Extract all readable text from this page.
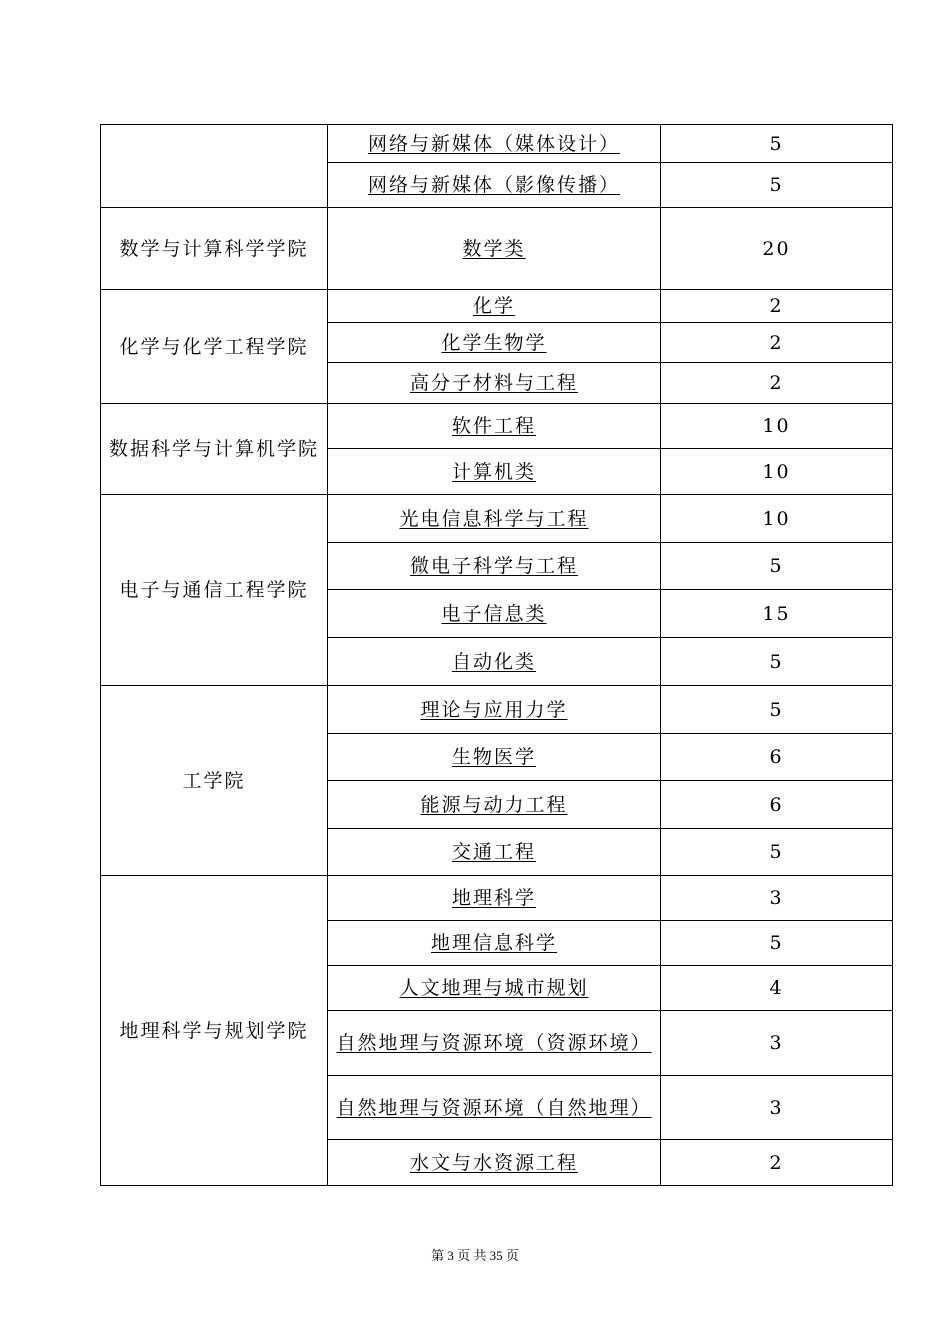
	网络与新媒体（媒体设计）	5
	网络与新媒体（影像传播）	5
数学与计算科学学院	数学类	20
化学与化学工程学院	化学	2
	化学生物学	2
	高分子材料与工程	2
数据科学与计算机学院	软件工程	10
	计算机类	10
电子与通信工程学院	光电信息科学与工程	10
	微电子科学与工程	5
	电子信息类	15
	自动化类	5
工学院	理论与应用力学	5
	生物医学	6
	能源与动力工程	6
	交通工程	5
地理科学与规划学院	地理科学	3
	地理信息科学	5
	人文地理与城市规划	4
	自然地理与资源环境（资源环境）	3
	自然地理与资源环境（自然地理）	3
	水文与水资源工程	2
第 3 页 共 35 页
